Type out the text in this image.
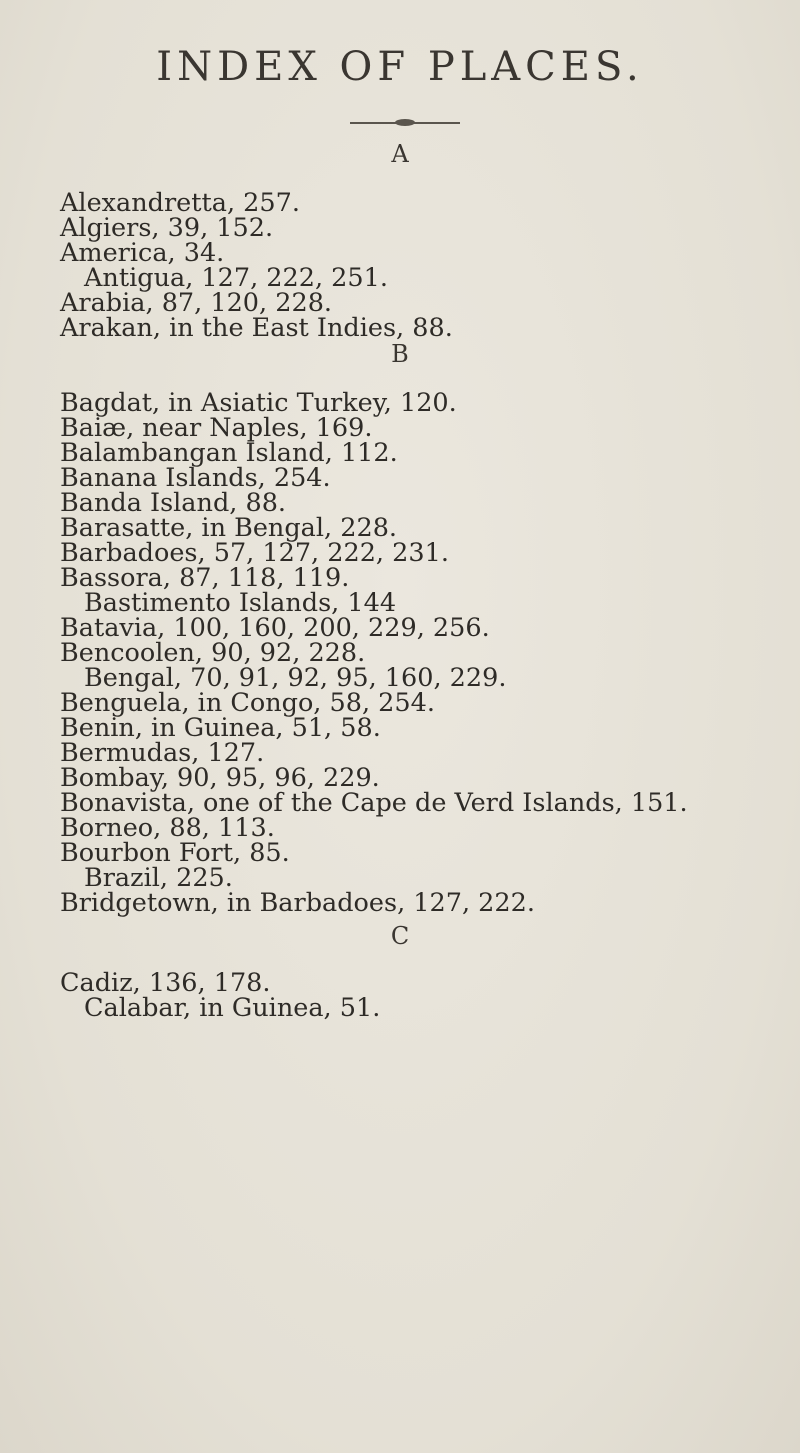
INDEX OF PLACES.
A
Alexandretta, 257.
Algiers, 39, 152.
America, 34.
Antigua, 127, 222, 251.
Arabia, 87, 120, 228.
Arakan, in the East Indies, 88.
B
Bagdat, in Asiatic Turkey, 120.
Baiæ, near Naples, 169.
Balambangan Island, 112.
Banana Islands, 254.
Banda Island, 88.
Barasatte, in Bengal, 228.
Barbadoes, 57, 127, 222, 231.
Bassora, 87, 118, 119.
Bastimento Islands, 144
Batavia, 100, 160, 200, 229, 256.
Bencoolen, 90, 92, 228.
Bengal, 70, 91, 92, 95, 160, 229.
Benguela, in Congo, 58, 254.
Benin, in Guinea, 51, 58.
Bermudas, 127.
Bombay, 90, 95, 96, 229.
Bonavista, one of the Cape de Verd Islands, 151.
Borneo, 88, 113.
Bourbon Fort, 85.
Brazil, 225.
Bridgetown, in Barbadoes, 127, 222.
C
Cadiz, 136, 178.
Calabar, in Guinea, 51.
